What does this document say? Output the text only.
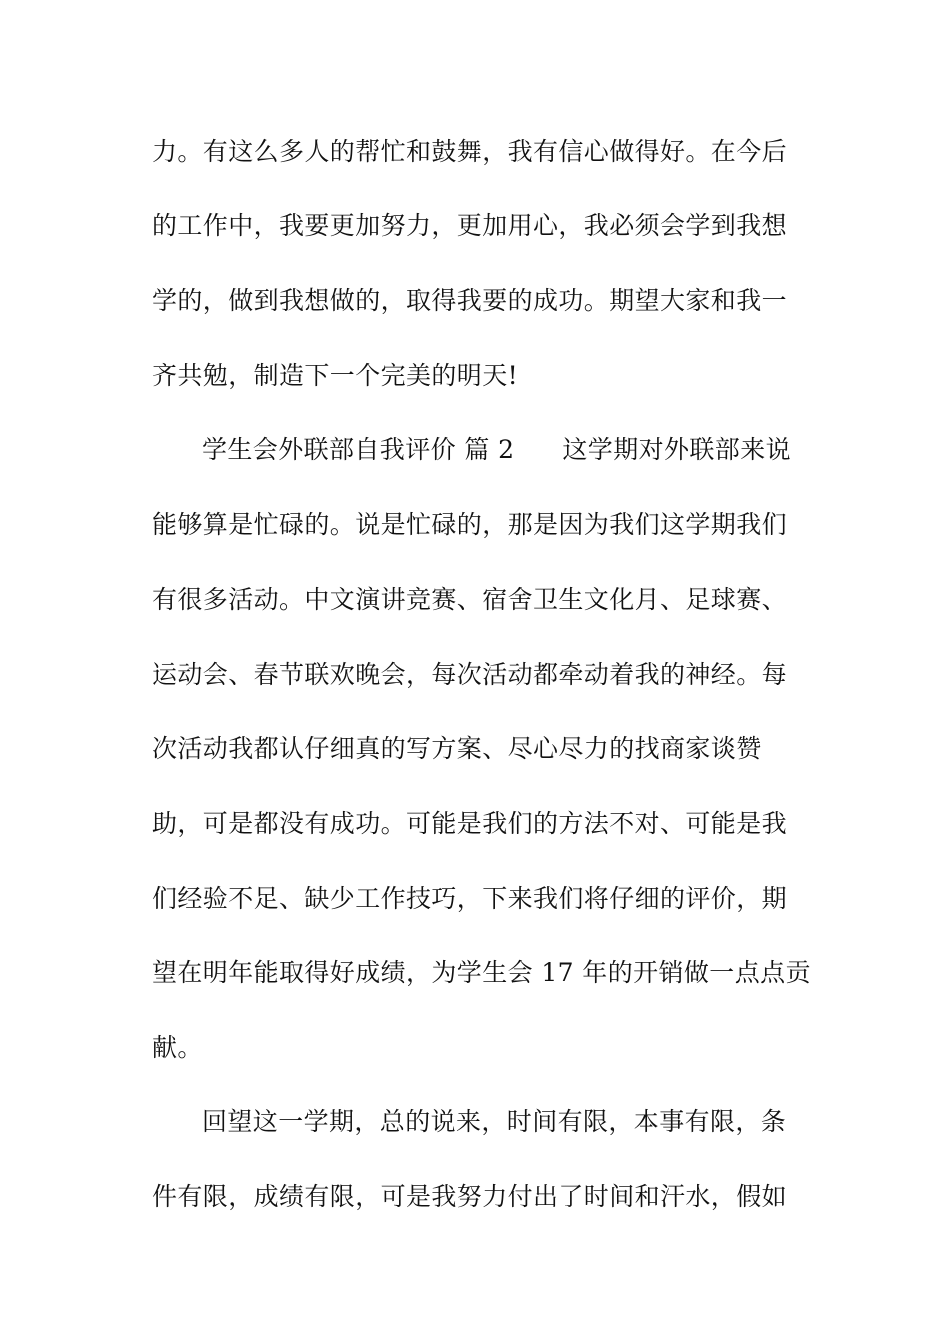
力。有这么多人的帮忙和鼓舞，我有信心做得好。在今后
的工作中，我要更加努力，更加用心，我必须会学到我想
学的，做到我想做的，取得我要的成功。期望大家和我一
齐共勉，制造下一个完美的明天!
学生会外联部自我评价 篇 2 这学期对外联部来说
能够算是忙碌的。说是忙碌的，那是因为我们这学期我们
有很多活动。中文演讲竞赛、宿舍卫生文化月、足球赛、
运动会、春节联欢晚会，每次活动都牵动着我的神经。每
次活动我都认仔细真的写方案、尽心尽力的找商家谈赞
助，可是都没有成功。可能是我们的方法不对、可能是我
们经验不足、缺少工作技巧，下来我们将仔细的评价，期
望在明年能取得好成绩，为学生会 17 年的开销做一点点贡
献。
回望这一学期，总的说来，时间有限，本事有限，条
件有限，成绩有限，可是我努力付出了时间和汗水，假如
